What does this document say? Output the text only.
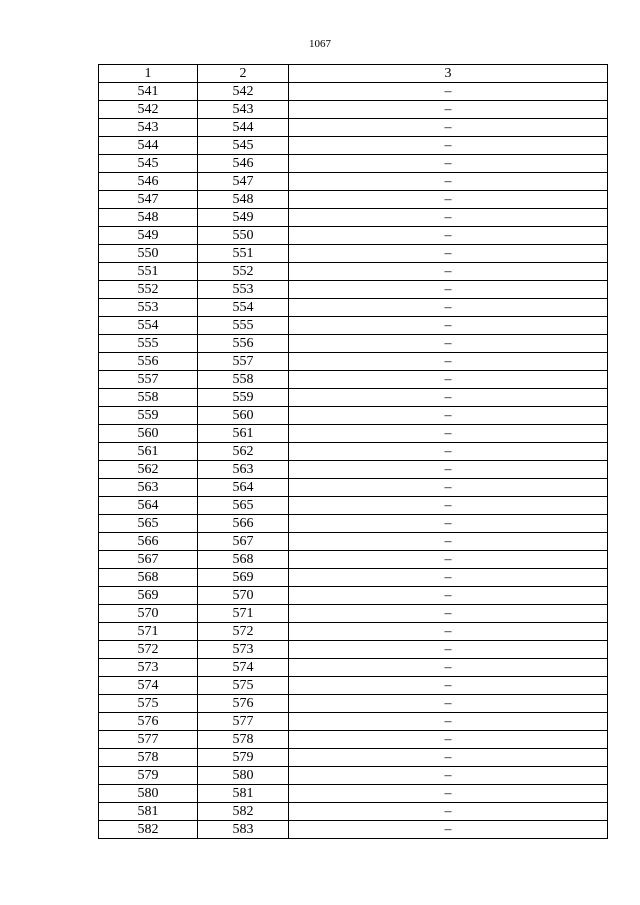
1067
1	2	3
541	542	–
542	543	–
543	544	–
544	545	–
545	546	–
546	547	–
547	548	–
548	549	–
549	550	–
550	551	–
551	552	–
552	553	–
553	554	–
554	555	–
555	556	–
556	557	–
557	558	–
558	559	–
559	560	–
560	561	–
561	562	–
562	563	–
563	564	–
564	565	–
565	566	–
566	567	–
567	568	–
568	569	–
569	570	–
570	571	–
571	572	–
572	573	–
573	574	–
574	575	–
575	576	–
576	577	–
577	578	–
578	579	–
579	580	–
580	581	–
581	582	–
582	583	–
